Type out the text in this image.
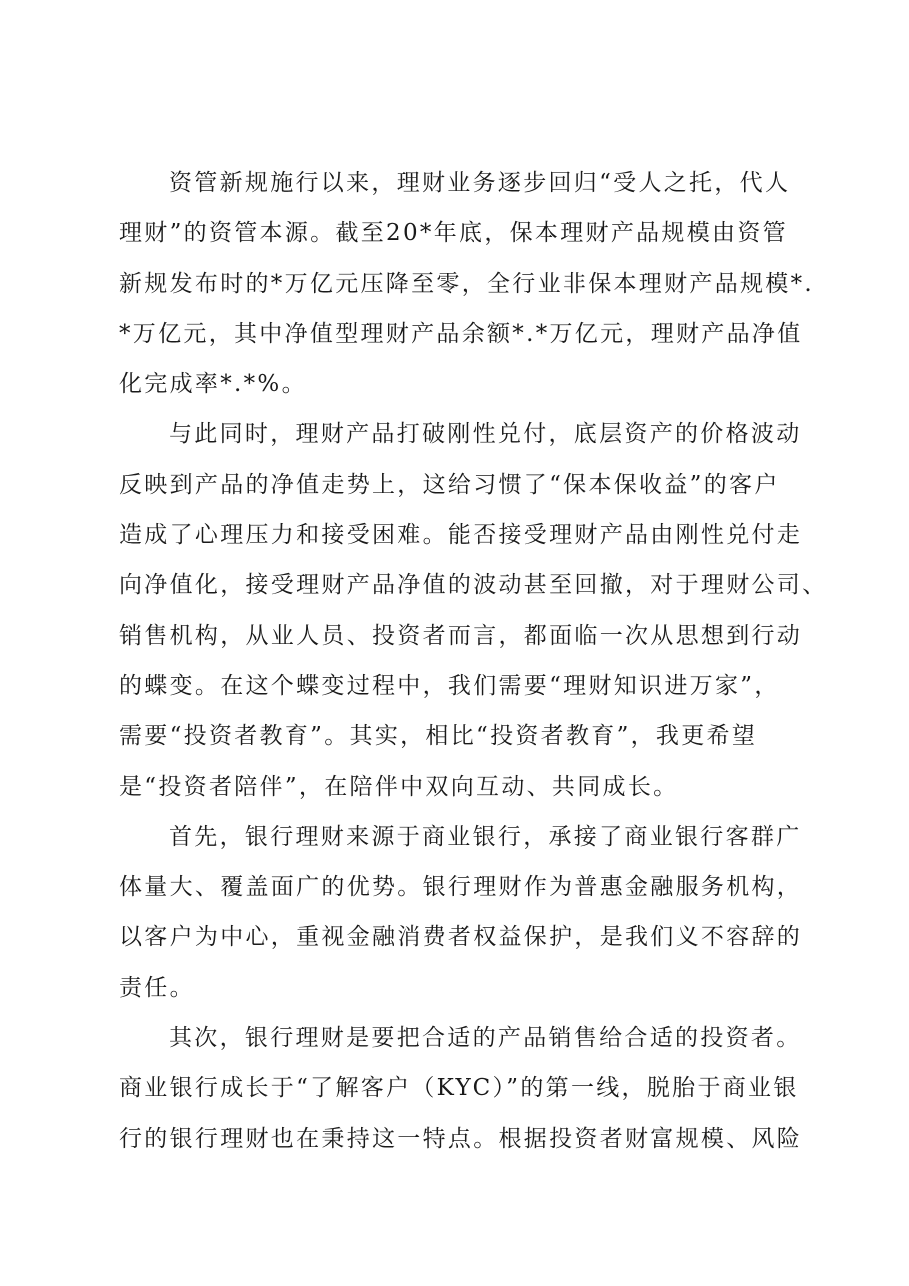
资管新规施行以来，理财业务逐步回归“受人之托，代人
理财”的资管本源。截至20*年底，保本理财产品规模由资管
新规发布时的*万亿元压降至零，全行业非保本理财产品规模*.
*万亿元，其中净值型理财产品余额*.*万亿元，理财产品净值
化完成率*.*%。
与此同时，理财产品打破刚性兑付，底层资产的价格波动
反映到产品的净值走势上，这给习惯了“保本保收益”的客户
造成了心理压力和接受困难。能否接受理财产品由刚性兑付走
向净值化，接受理财产品净值的波动甚至回撤，对于理财公司、
销售机构，从业人员、投资者而言，都面临一次从思想到行动
的蝶变。在这个蝶变过程中，我们需要“理财知识进万家”，
需要“投资者教育”。其实，相比“投资者教育”，我更希望
是“投资者陪伴”，在陪伴中双向互动、共同成长。
首先，银行理财来源于商业银行，承接了商业银行客群广
体量大、覆盖面广的优势。银行理财作为普惠金融服务机构，
以客户为中心，重视金融消费者权益保护，是我们义不容辞的
责任。
其次，银行理财是要把合适的产品销售给合适的投资者。
商业银行成长于“了解客户（KYC）”的第一线，脱胎于商业银
行的银行理财也在秉持这一特点。根据投资者财富规模、风险
